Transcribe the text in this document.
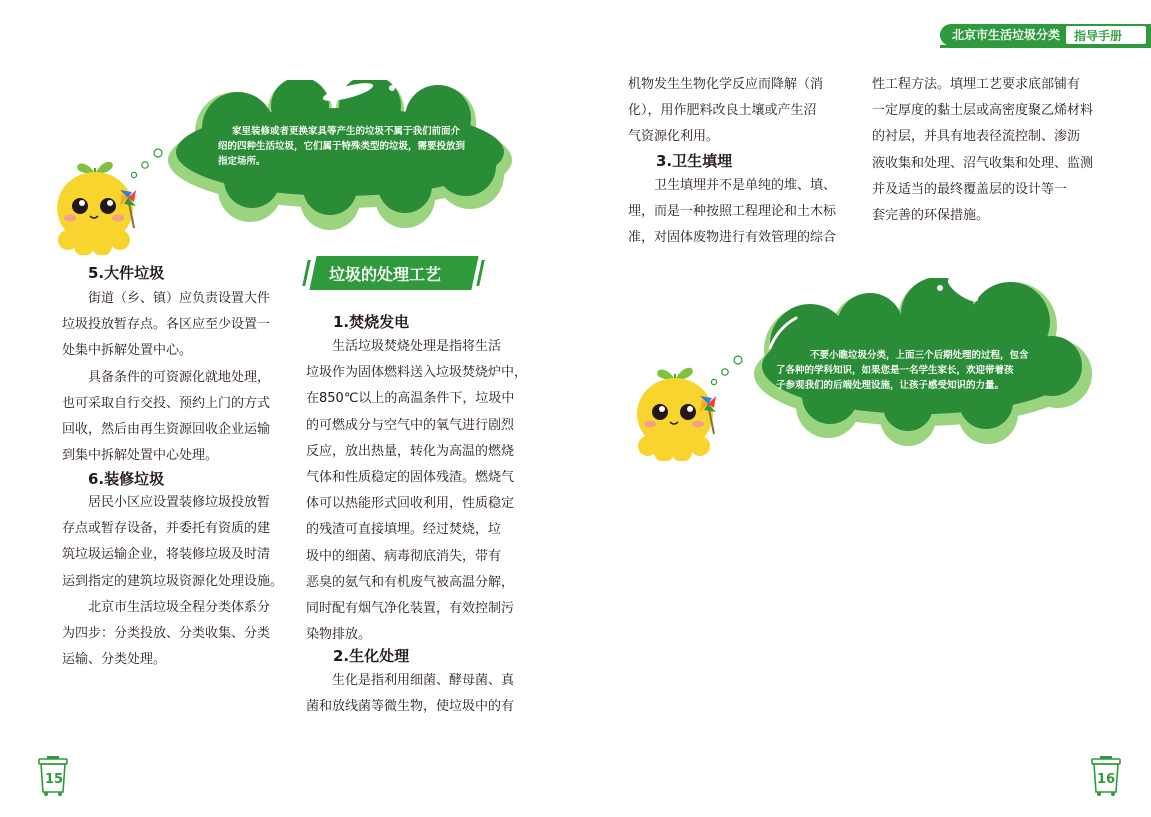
北京市生活垃圾分类 指导手册
家里装修或者更换家具等产生的垃圾不属于我们前面介
绍的四种生活垃圾，它们属于特殊类型的垃圾，需要投放到
指定场所。
5.大件垃圾

街道（乡、镇）应负责设置大件

垃圾投放暂存点。各区应至少设置一

处集中拆解处置中心。

具备条件的可资源化就地处理，

也可采取自行交投、预约上门的方式

回收，然后由再生资源回收企业运输

到集中拆解处置中心处理。

6.装修垃圾

居民小区应设置装修垃圾投放暂

存点或暂存设备，并委托有资质的建

筑垃圾运输企业，将装修垃圾及时清

运到指定的建筑垃圾资源化处理设施。

北京市生活垃圾全程分类体系分

为四步：分类投放、分类收集、分类

运输、分类处理。

垃圾的处理工艺
1.焚烧发电

生活垃圾焚烧处理是指将生活

垃圾作为固体燃料送入垃圾焚烧炉中，

在850℃以上的高温条件下，垃圾中

的可燃成分与空气中的氧气进行剧烈

反应，放出热量，转化为高温的燃烧

气体和性质稳定的固体残渣。燃烧气

体可以热能形式回收利用，性质稳定

的残渣可直接填埋。经过焚烧，垃

圾中的细菌、病毒彻底消失，带有

恶臭的氨气和有机废气被高温分解，

同时配有烟气净化装置，有效控制污

染物排放。

2.生化处理

生化是指利用细菌、酵母菌、真

菌和放线菌等微生物，使垃圾中的有

机物发生生物化学反应而降解（消

化），用作肥料改良土壤或产生沼

气资源化利用。

3.卫生填埋

卫生填埋并不是单纯的堆、填、

埋，而是一种按照工程理论和土木标

准，对固体废物进行有效管理的综合

性工程方法。填埋工艺要求底部铺有

一定厚度的黏土层或高密度聚乙烯材料

的衬层，并具有地表径流控制、渗沥

液收集和处理、沼气收集和处理、监测

并及适当的最终覆盖层的设计等一

套完善的环保措施。

不要小瞧垃圾分类，上面三个后期处理的过程，包含
了各种的学科知识，如果您是一名学生家长，欢迎带着孩
子参观我们的后端处理设施，让孩子感受知识的力量。
15	16
